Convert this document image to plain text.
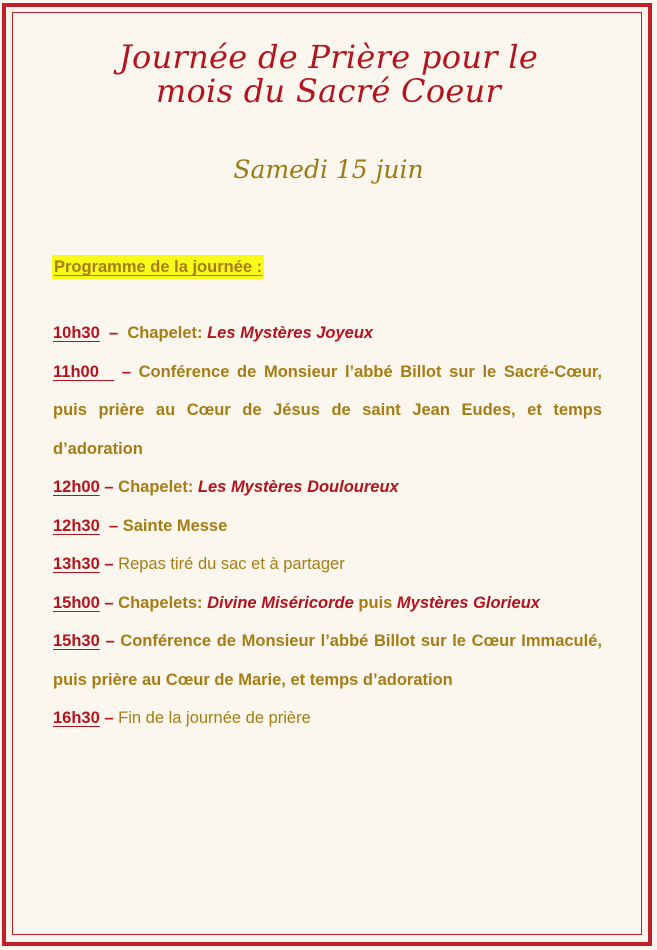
Journée de Prière pour le
mois du Sacré Coeur
Samedi 15 juin
Programme de la journée :

10h30  –  Chapelet: Les Mystères Joyeux

11h00   – Conférence de Monsieur l’abbé Billot sur le Sacré-Cœur, puis prière au Cœur de Jésus de saint Jean Eudes, et temps d’adoration

12h00 – Chapelet: Les Mystères Douloureux

12h30  – Sainte Messe

13h30 – Repas tiré du sac et à partager

15h00 – Chapelets: Divine Miséricorde puis Mystères Glorieux

15h30 – Conférence de Monsieur l’abbé Billot sur le Cœur Immaculé, puis prière au Cœur de Marie, et temps d’adoration

16h30 – Fin de la journée de prière
